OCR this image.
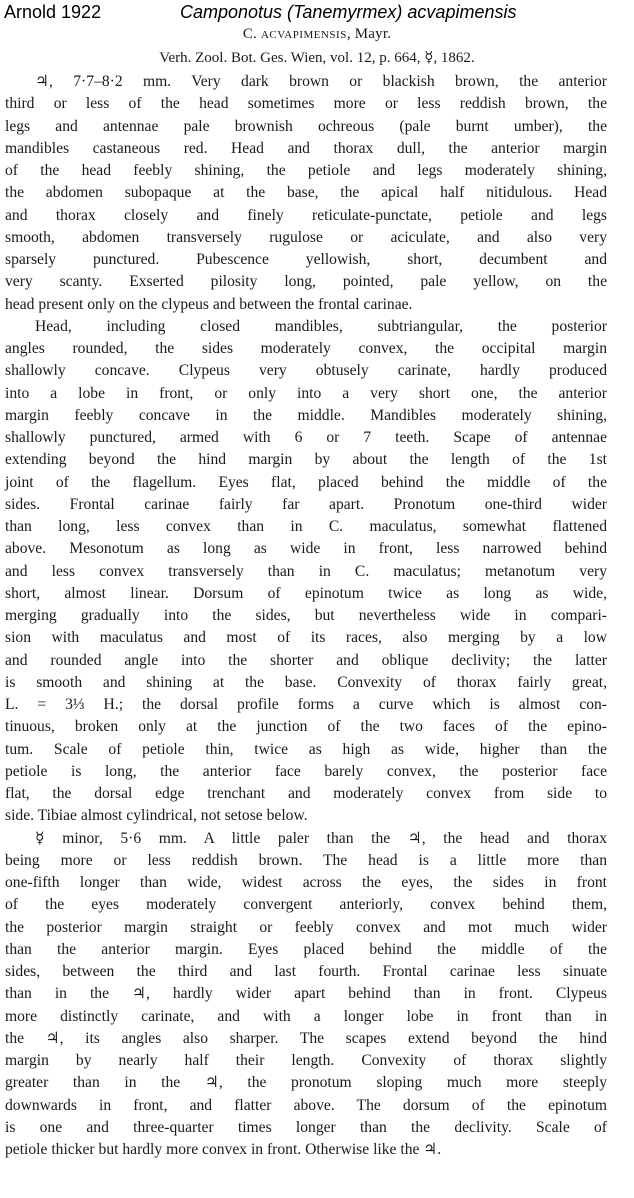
Arnold 1922	Camponotus (Tanemyrmex) acvapimensis
C. acvapimensis, Mayr.
Verh. Zool. Bot. Ges. Wien, vol. 12, p. 664, ☿, 1862.
♃, 7·7–8·2 mm. Very dark brown or blackish brown, the anterior
third or less of the head sometimes more or less reddish brown, the
legs and antennae pale brownish ochreous (pale burnt umber), the
mandibles castaneous red. Head and thorax dull, the anterior margin
of the head feebly shining, the petiole and legs moderately shining,
the abdomen subopaque at the base, the apical half nitidulous. Head
and thorax closely and finely reticulate-punctate, petiole and legs
smooth, abdomen transversely rugulose or aciculate, and also very
sparsely punctured. Pubescence yellowish, short, decumbent and
very scanty. Exserted pilosity long, pointed, pale yellow, on the
head present only on the clypeus and between the frontal carinae.
Head, including closed mandibles, subtriangular, the posterior
angles rounded, the sides moderately convex, the occipital margin
shallowly concave. Clypeus very obtusely carinate, hardly produced
into a lobe in front, or only into a very short one, the anterior
margin feebly concave in the middle. Mandibles moderately shining,
shallowly punctured, armed with 6 or 7 teeth. Scape of antennae
extending beyond the hind margin by about the length of the 1st
joint of the flagellum. Eyes flat, placed behind the middle of the
sides. Frontal carinae fairly far apart. Pronotum one-third wider
than long, less convex than in C. maculatus, somewhat flattened
above. Mesonotum as long as wide in front, less narrowed behind
and less convex transversely than in C. maculatus; metanotum very
short, almost linear. Dorsum of epinotum twice as long as wide,
merging gradually into the sides, but nevertheless wide in compari-
sion with maculatus and most of its races, also merging by a low
and rounded angle into the shorter and oblique declivity; the latter
is smooth and shining at the base. Convexity of thorax fairly great,
L. = 3⅓ H.; the dorsal profile forms a curve which is almost con-
tinuous, broken only at the junction of the two faces of the epino-
tum. Scale of petiole thin, twice as high as wide, higher than the
petiole is long, the anterior face barely convex, the posterior face
flat, the dorsal edge trenchant and moderately convex from side to
side. Tibiae almost cylindrical, not setose below.
☿ minor, 5·6 mm. A little paler than the ♃, the head and thorax
being more or less reddish brown. The head is a little more than
one-fifth longer than wide, widest across the eyes, the sides in front
of the eyes moderately convergent anteriorly, convex behind them,
the posterior margin straight or feebly convex and mot much wider
than the anterior margin. Eyes placed behind the middle of the
sides, between the third and last fourth. Frontal carinae less sinuate
than in the ♃, hardly wider apart behind than in front. Clypeus
more distinctly carinate, and with a longer lobe in front than in
the ♃, its angles also sharper. The scapes extend beyond the hind
margin by nearly half their length. Convexity of thorax slightly
greater than in the ♃, the pronotum sloping much more steeply
downwards in front, and flatter above. The dorsum of the epinotum
is one and three-quarter times longer than the declivity. Scale of
petiole thicker but hardly more convex in front. Otherwise like the ♃.
